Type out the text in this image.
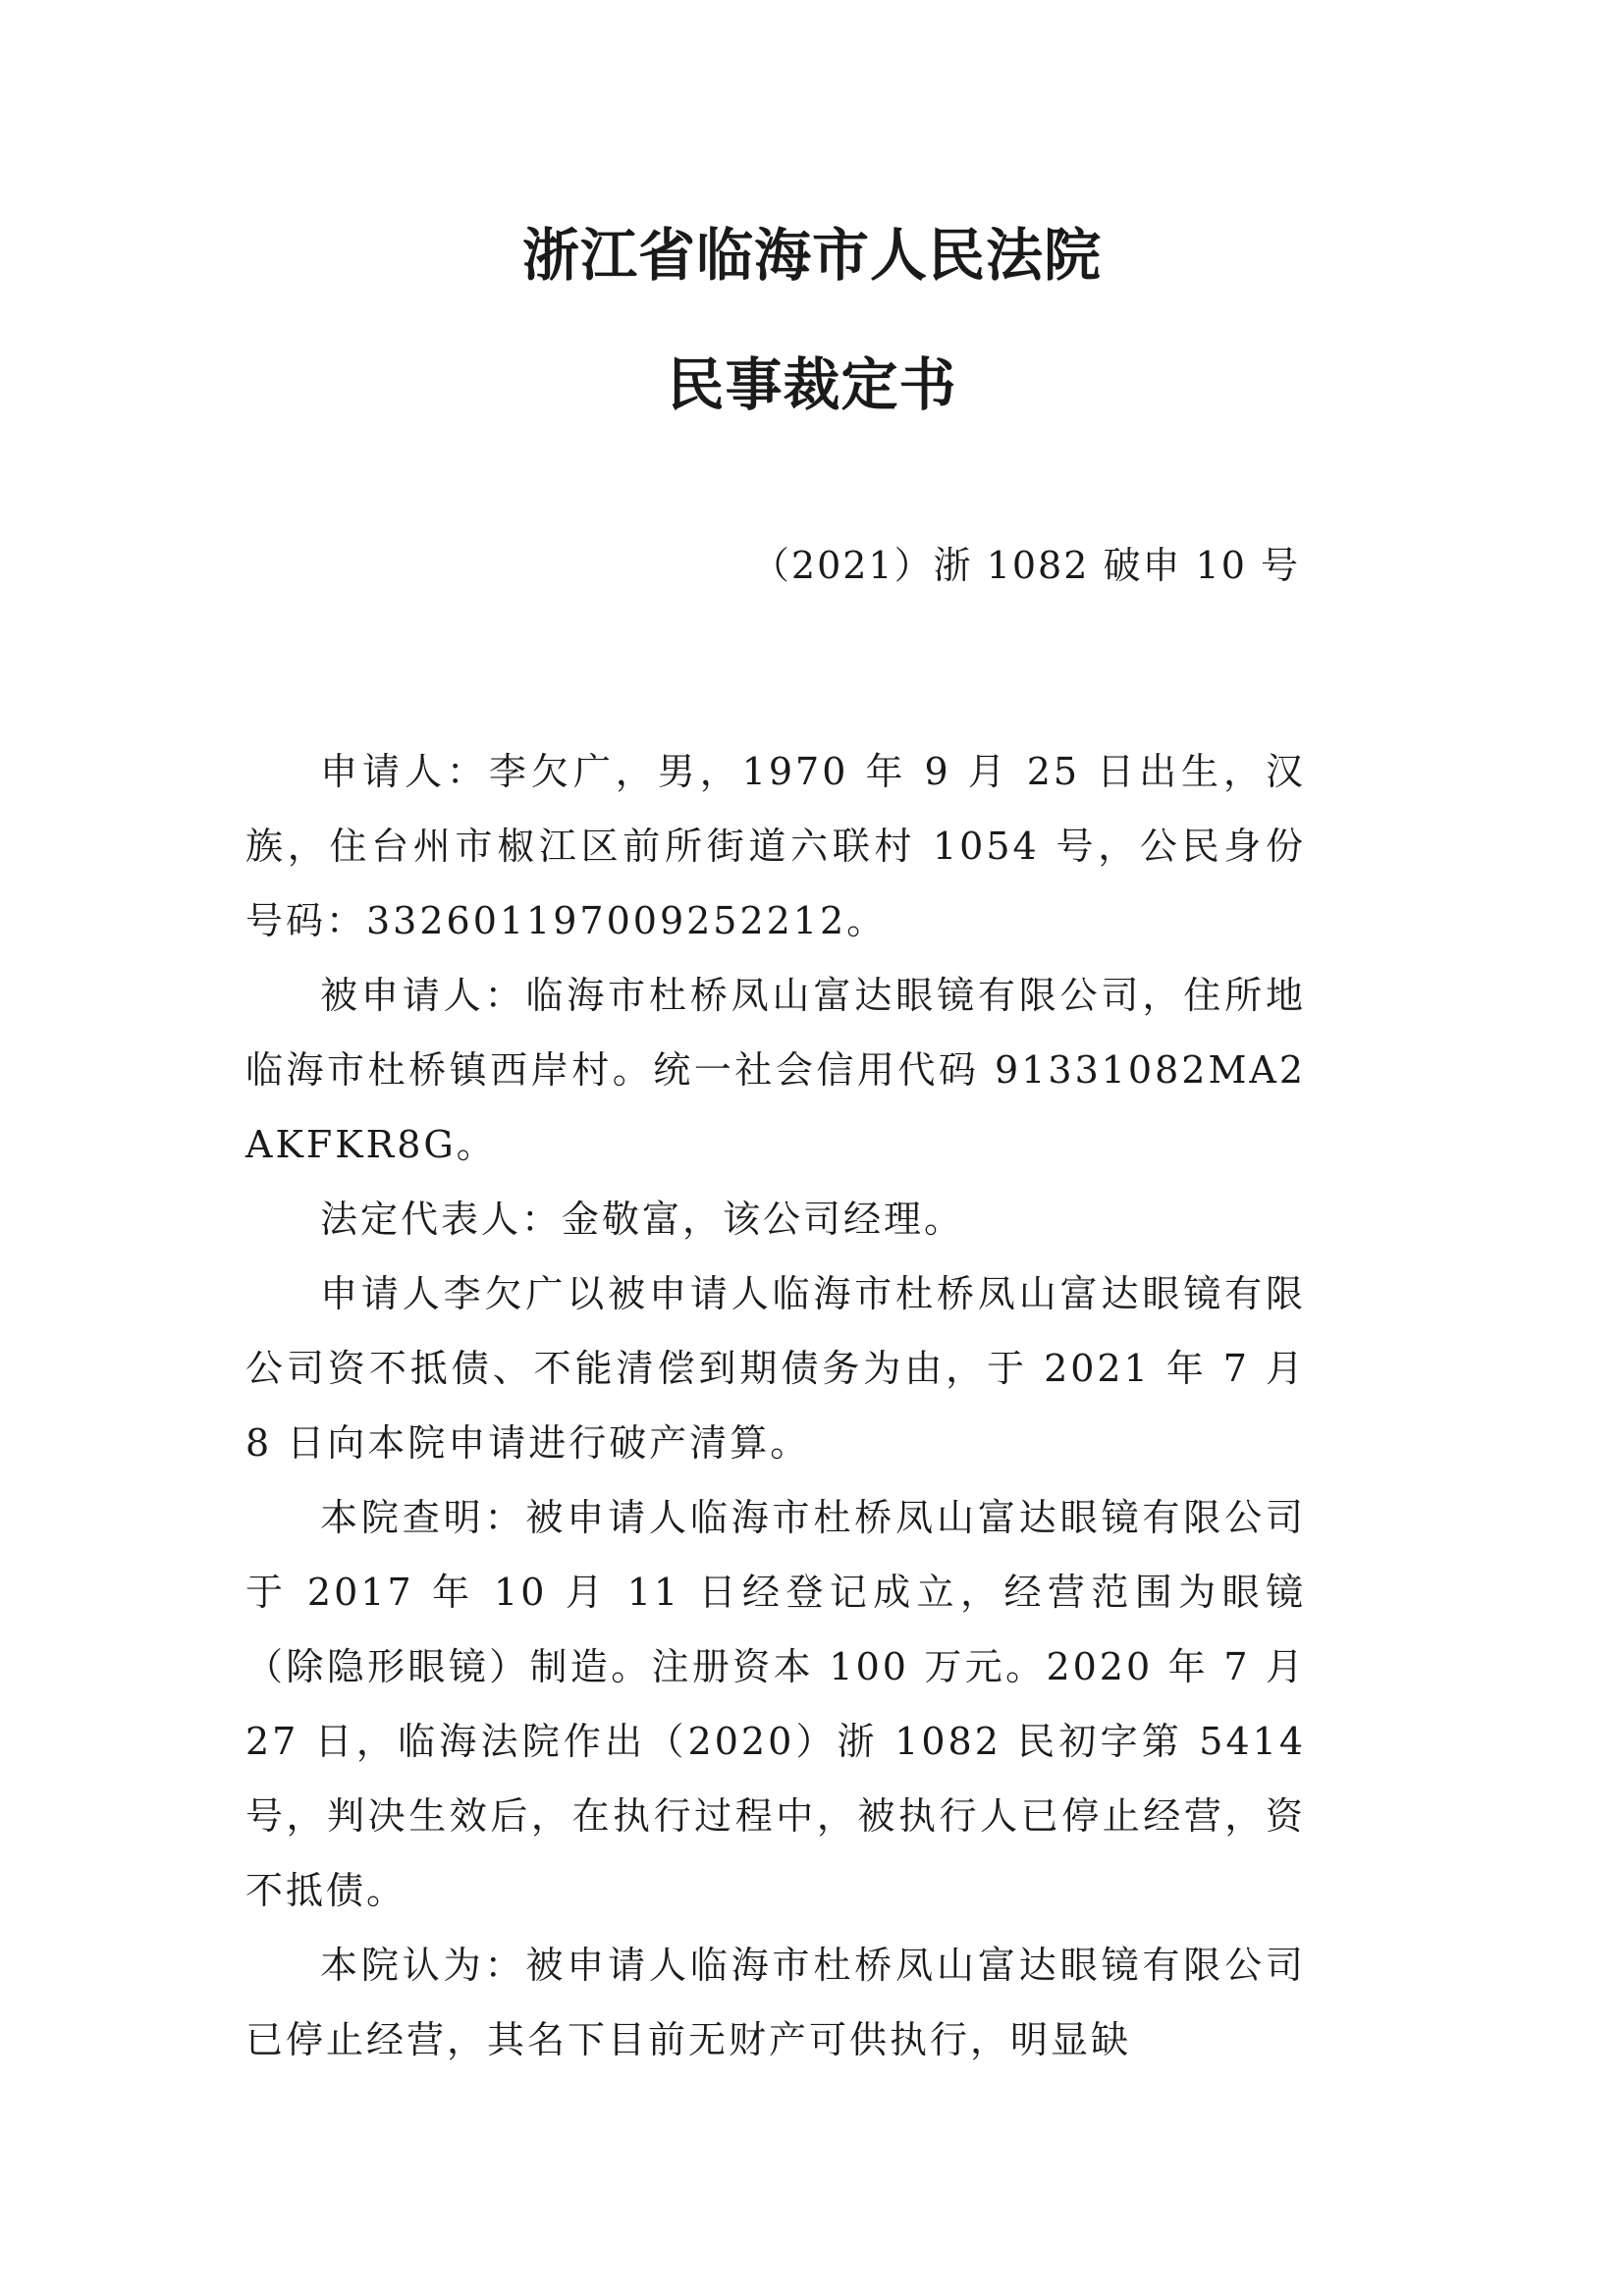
浙江省临海市人民法院
民事裁定书
（2021）浙 1082 破申 10 号

申请人：李欠广，男，1970 年 9 月 25 日出生，汉族，住台州市椒江区前所街道六联村 1054 号，公民身份号码：332601197009252212。

被申请人：临海市杜桥凤山富达眼镜有限公司，住所地临海市杜桥镇西岸村。统一社会信用代码 91331082MA2AKFKR8G。

法定代表人：金敬富，该公司经理。

申请人李欠广以被申请人临海市杜桥凤山富达眼镜有限公司资不抵债、不能清偿到期债务为由，于 2021 年 7 月 8 日向本院申请进行破产清算。

本院查明：被申请人临海市杜桥凤山富达眼镜有限公司于 2017 年 10 月 11 日经登记成立，经营范围为眼镜（除隐形眼镜）制造。注册资本 100 万元。2020 年 7 月 27 日，临海法院作出（2020）浙 1082 民初字第 5414 号，判决生效后，在执行过程中，被执行人已停止经营，资不抵债。

本院认为：被申请人临海市杜桥凤山富达眼镜有限公司已停止经营，其名下目前无财产可供执行，明显缺
